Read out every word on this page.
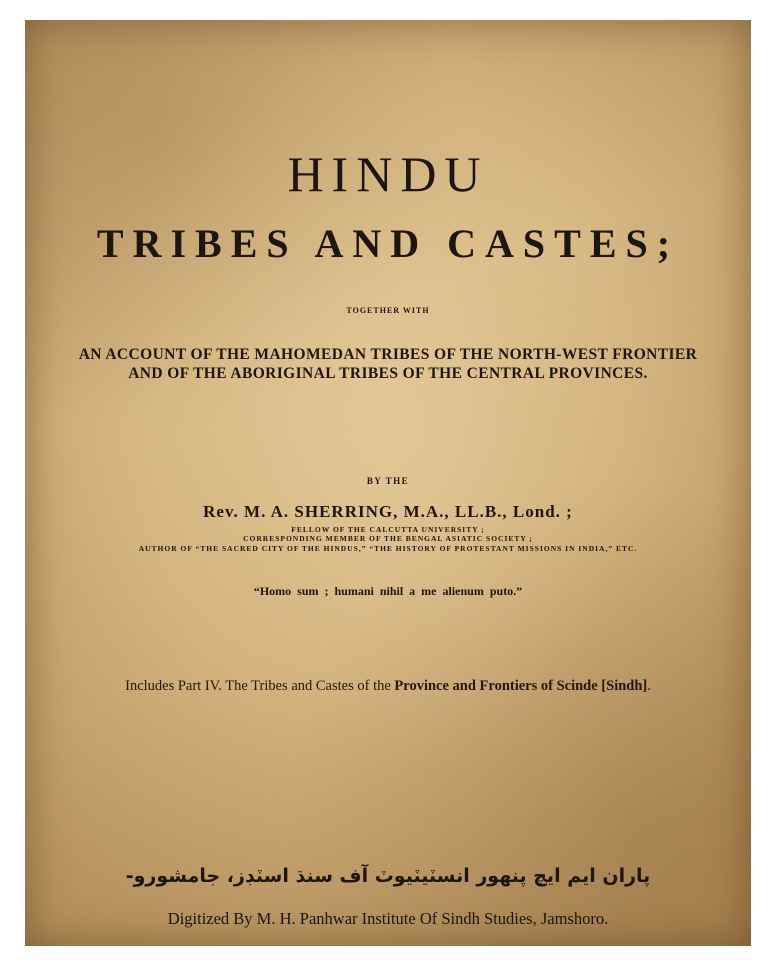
HINDU
TRIBES AND CASTES;
TOGETHER WITH
AN ACCOUNT OF THE MAHOMEDAN TRIBES OF THE NORTH-WEST FRONTIER
AND OF THE ABORIGINAL TRIBES OF THE CENTRAL PROVINCES.
BY THE
Rev. M. A. SHERRING, M.A., LL.B., Lond. ;
FELLOW OF THE CALCUTTA UNIVERSITY ;
CORRESPONDING MEMBER OF THE BENGAL ASIATIC SOCIETY ;
AUTHOR OF “THE SACRED CITY OF THE HINDUS,” “THE HISTORY OF PROTESTANT MISSIONS IN INDIA,” ETC.
“Homo sum ; humani nihil a me alienum puto.”
Includes Part IV. The Tribes and Castes of the Province and Frontiers of Scinde [Sindh].
پاران ايم ايچ پنهور انسٽيٽيوٽ آف سنڌ اسٽڊز، جامشورو-
Digitized By M. H. Panhwar Institute Of Sindh Studies, Jamshoro.
